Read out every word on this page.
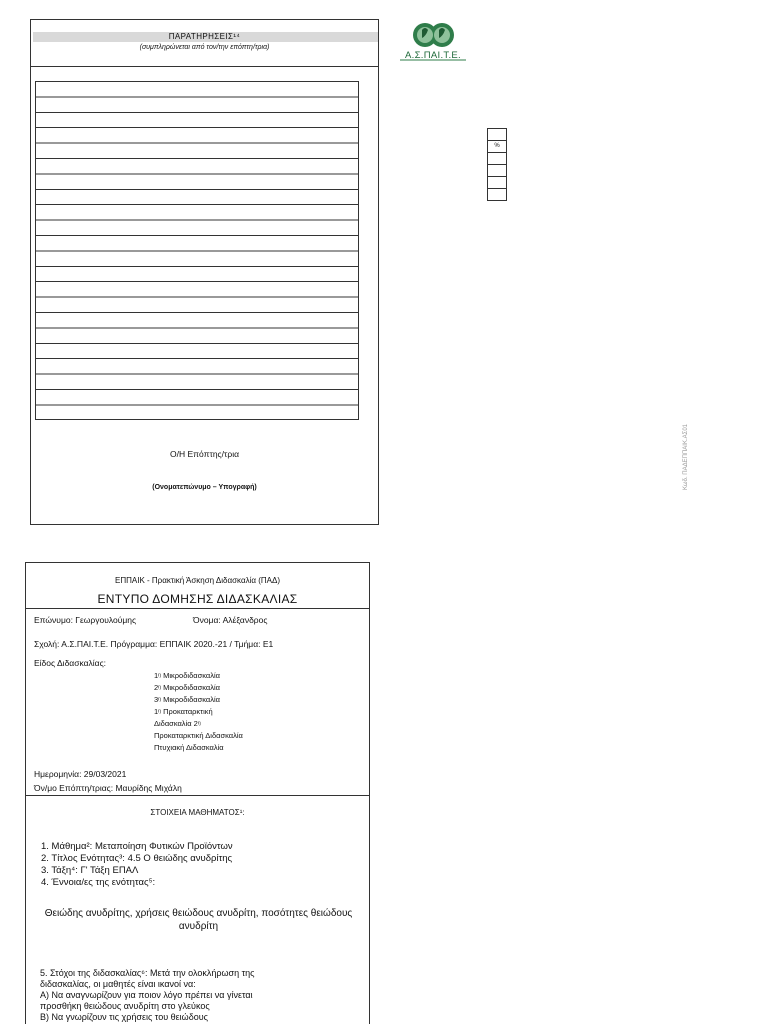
ΠΑΡΑΤΗΡΗΣΕΙΣ¹⁴
(συμπληρώνεται από τον/την επόπτη/τρια)
Ο/Η Επόπτης/τρια
(Ονοματεπώνυμο – Υπογραφή)
Α.Σ.ΠΑΙ.Τ.Ε.
%
Κωδ. ΠΑΔΕΠΠΑΙΚ.ΑΣ01
ΕΠΠΑΙΚ - Πρακτική Άσκηση Διδασκαλία (ΠΑΔ)
ΕΝΤΥΠΟ ΔΟΜΗΣΗΣ ΔΙΔΑΣΚΑΛΙΑΣ
Επώνυμο: Γεωργουλούμης	Όνομα: Αλέξανδρος
Σχολή: Α.Σ.ΠΑΙ.Τ.Ε. Πρόγραμμα: ΕΠΠΑΙΚ 2020.-21 / Τμήμα: Ε1
Είδος Διδασκαλίας:
1ᵑ Μικροδιδασκαλία
2ᵑ Μικροδιδασκαλία
3ᵑ Μικροδιδασκαλία
1ᵑ Προκαταρκτική
Διδασκαλία 2ᵑ
Προκαταρκτική Διδασκαλία
Πτυχιακή Διδασκαλία
Ημερομηνία: 29/03/2021
Όν/μο Επόπτη/τριας: Μαυρίδης Μιχάλη
ΣΤΟΙΧΕΙΑ ΜΑΘΗΜΑΤΟΣ¹:
1. Μάθημα²: Μεταποίηση Φυτικών Προϊόντων
2. Τίτλος Ενότητας³: 4.5 Ο θειώδης ανυδρίτης
3. Τάξη⁴: Γ' Τάξη ΕΠΑΛ
4. Έννοια/ες της ενότητας⁵:
Θειώδης ανυδρίτης, χρήσεις θειώδους ανυδρίτη, ποσότητες θειώδους ανυδρίτη
5. Στόχοι της διδασκαλίας⁶: Μετά την ολοκλήρωση της
διδασκαλίας, οι μαθητές είναι ικανοί να:
Α) Να αναγνωρίζουν για ποιον λόγο πρέπει να γίνεται
προσθήκη θειώδους ανυδρίτη στο γλεύκος
Β) Να γνωρίζουν τις χρήσεις του θειώδους
